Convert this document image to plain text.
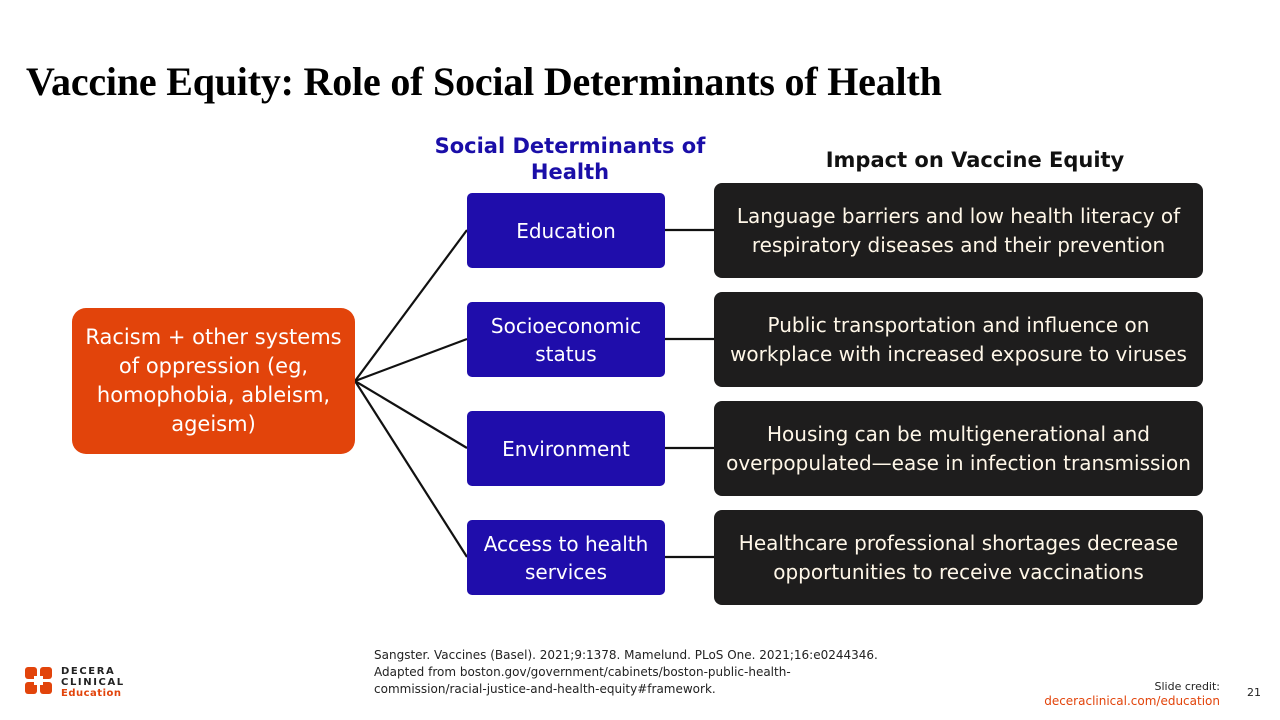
Vaccine Equity: Role of Social Determinants of Health
Social Determinants of Health	Impact on Vaccine Equity
Racism + other systems of oppression (eg, homophobia, ableism, ageism)
Education
Socioeconomic status
Environment
Access to health services
Language barriers and low health literacy of respiratory diseases and their prevention
Public transportation and influence on workplace with increased exposure to viruses
Housing can be multigenerational and overpopulated—ease in infection transmission
Healthcare professional shortages decrease opportunities to receive vaccinations
Sangster. Vaccines (Basel). 2021;9:1378. Mamelund. PLoS One. 2021;16:e0244346.
Adapted from boston.gov/government/cabinets/boston-public-health-
commission/racial-justice-and-health-equity#framework.
DECERA
CLINICAL
Education
Slide credit:
deceraclinical.com/education
21
